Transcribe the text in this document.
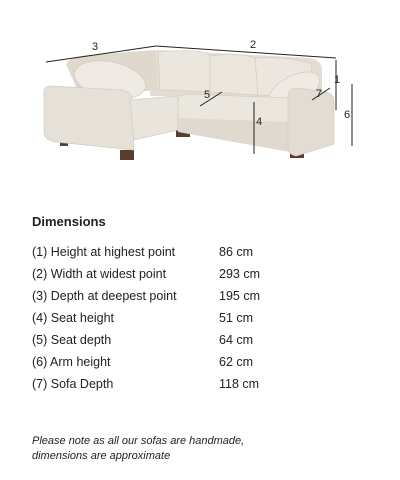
3	2
1
5
4
7
6
Dimensions
(1) Height at highest point	86 cm
(2) Width at widest point	293 cm
(3) Depth at deepest point	195 cm
(4) Seat height	51 cm
(5) Seat depth	64 cm
(6) Arm height	62 cm
(7) Sofa Depth	118 cm
Please note as all our sofas are handmade,
dimensions are approximate
